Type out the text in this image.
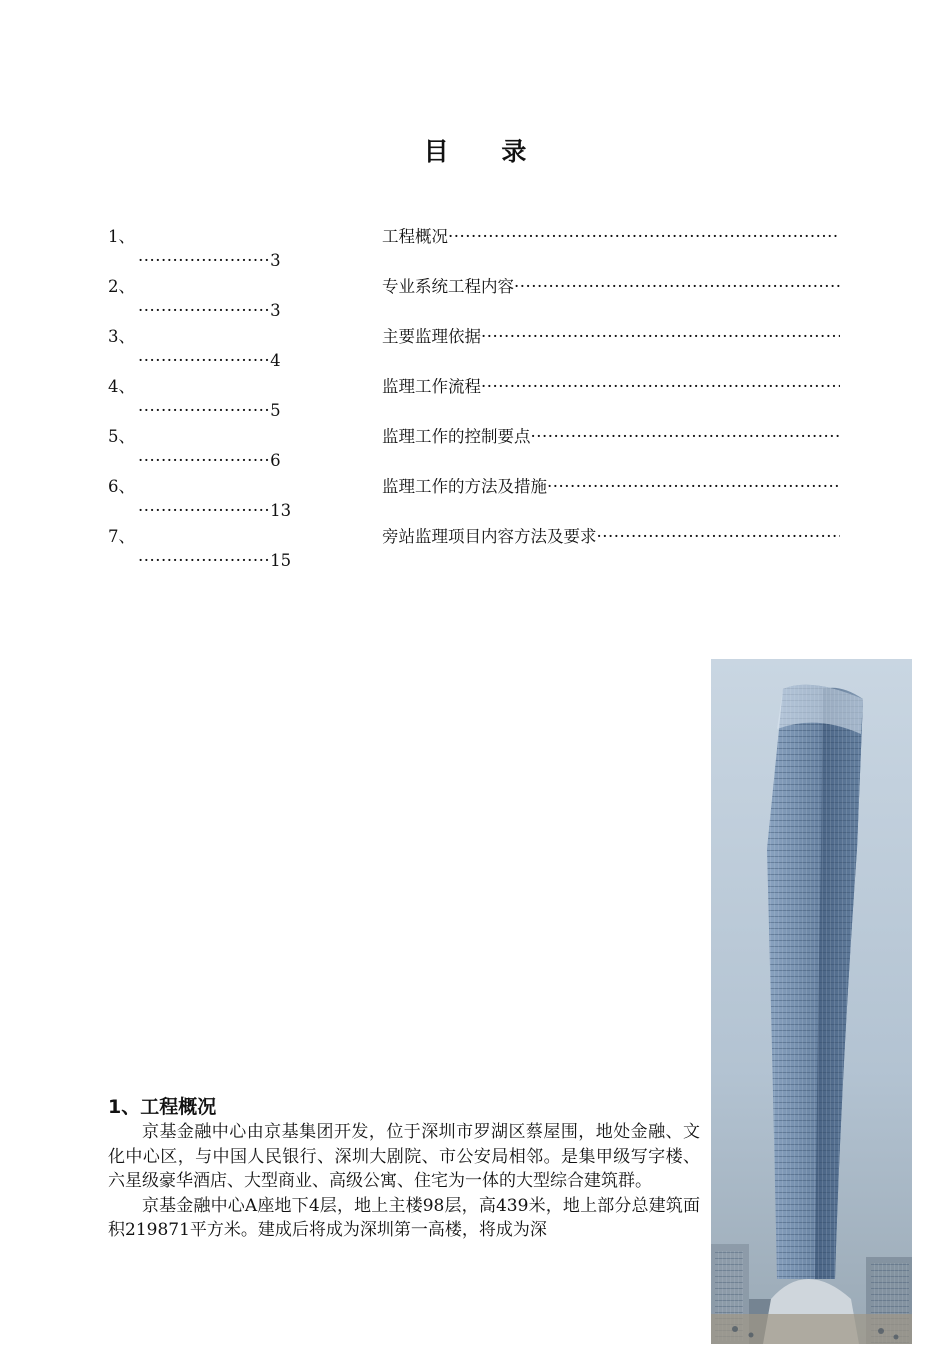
目 录
1、	工程概况 ·····
·······················3
2、	专业系统工程内容 ·····
·······················3
3、	主要监理依据 ·····
·······················4
4、	监理工作流程 ·····
·······················5
5、	监理工作的控制要点 ·····
·······················6
6、	监理工作的方法及措施 ·····
·······················13
7、	旁站监理项目内容方法及要求 ·····
·······················15
1、工程概况

京基金融中心由京基集团开发，位于深圳市罗湖区蔡屋围，地处金融、文化中心区，与中国人民银行、深圳大剧院、市公安局相邻。是集甲级写字楼、六星级豪华酒店、大型商业、高级公寓、住宅为一体的大型综合建筑群。

京基金融中心A座地下4层，地上主楼98层，高439米，地上部分总建筑面积219871平方米。建成后将成为深圳第一高楼，将成为深
